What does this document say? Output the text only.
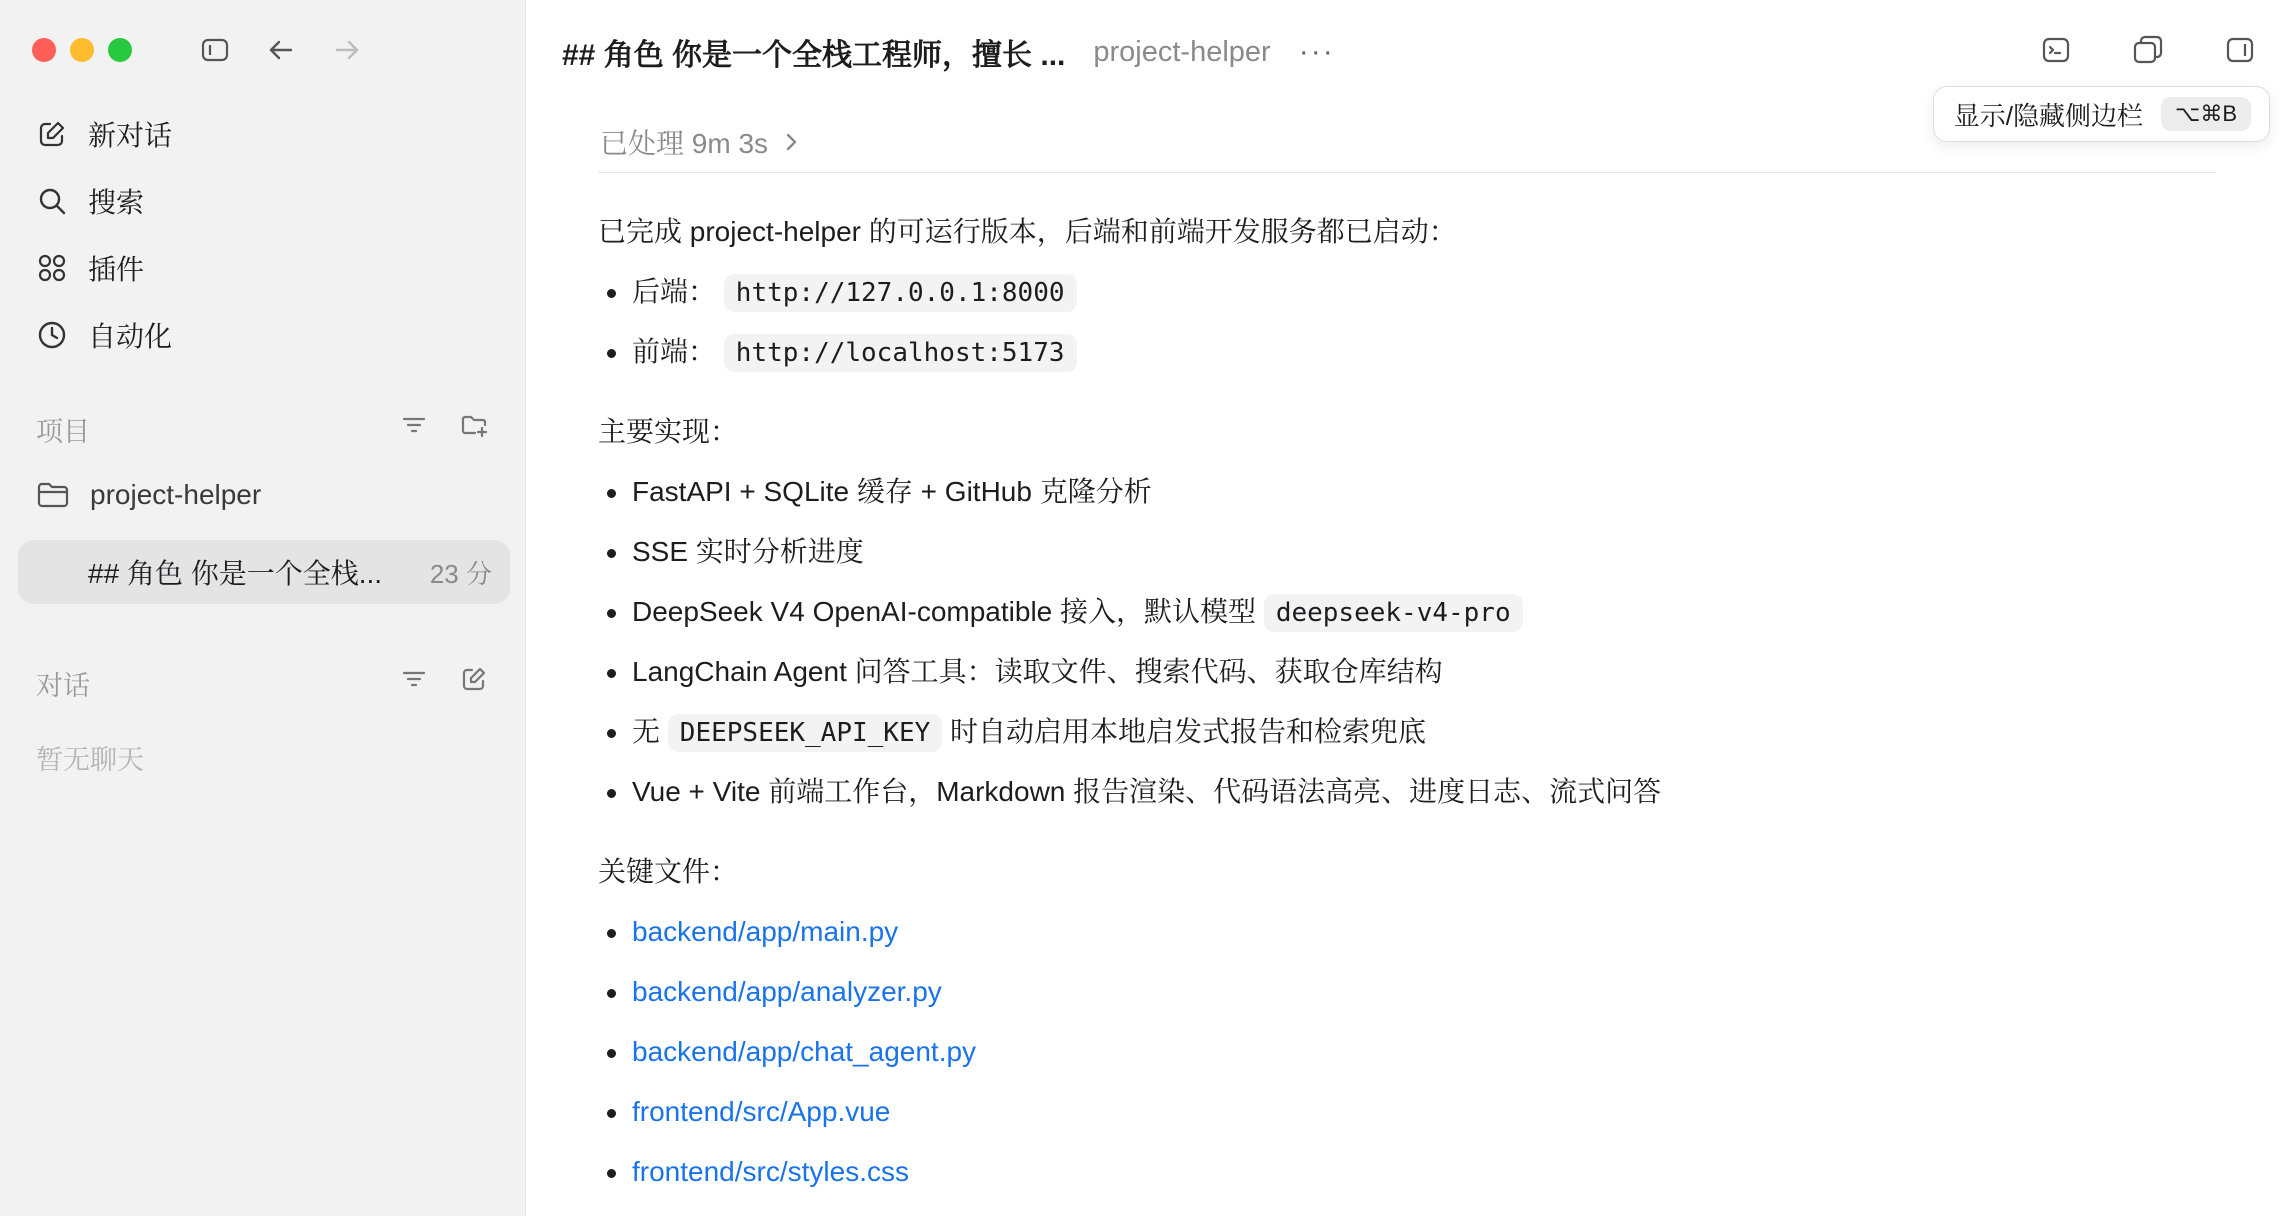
新对话
搜索
插件
自动化
项目
project-helper
## 角色 你是一个全栈...	23 分
对话
暂无聊天
## 角色 你是一个全栈工程师，擅长 ... project-helper ···
显示/隐藏侧边栏	⌥⌘B
已处理 9m 3s

已完成 project-helper 的可运行版本，后端和前端开发服务都已启动：

后端： http://127.0.0.1:8000
前端： http://localhost:5173

主要实现：

FastAPI + SQLite 缓存 + GitHub 克隆分析
SSE 实时分析进度
DeepSeek V4 OpenAI-compatible 接入，默认模型 deepseek-v4-pro
LangChain Agent 问答工具：读取文件、搜索代码、获取仓库结构
无 DEEPSEEK_API_KEY 时自动启用本地启发式报告和检索兜底
Vue + Vite 前端工作台，Markdown 报告渲染、代码语法高亮、进度日志、流式问答

关键文件：

backend/app/main.py
backend/app/analyzer.py
backend/app/chat_agent.py
frontend/src/App.vue
frontend/src/styles.css
